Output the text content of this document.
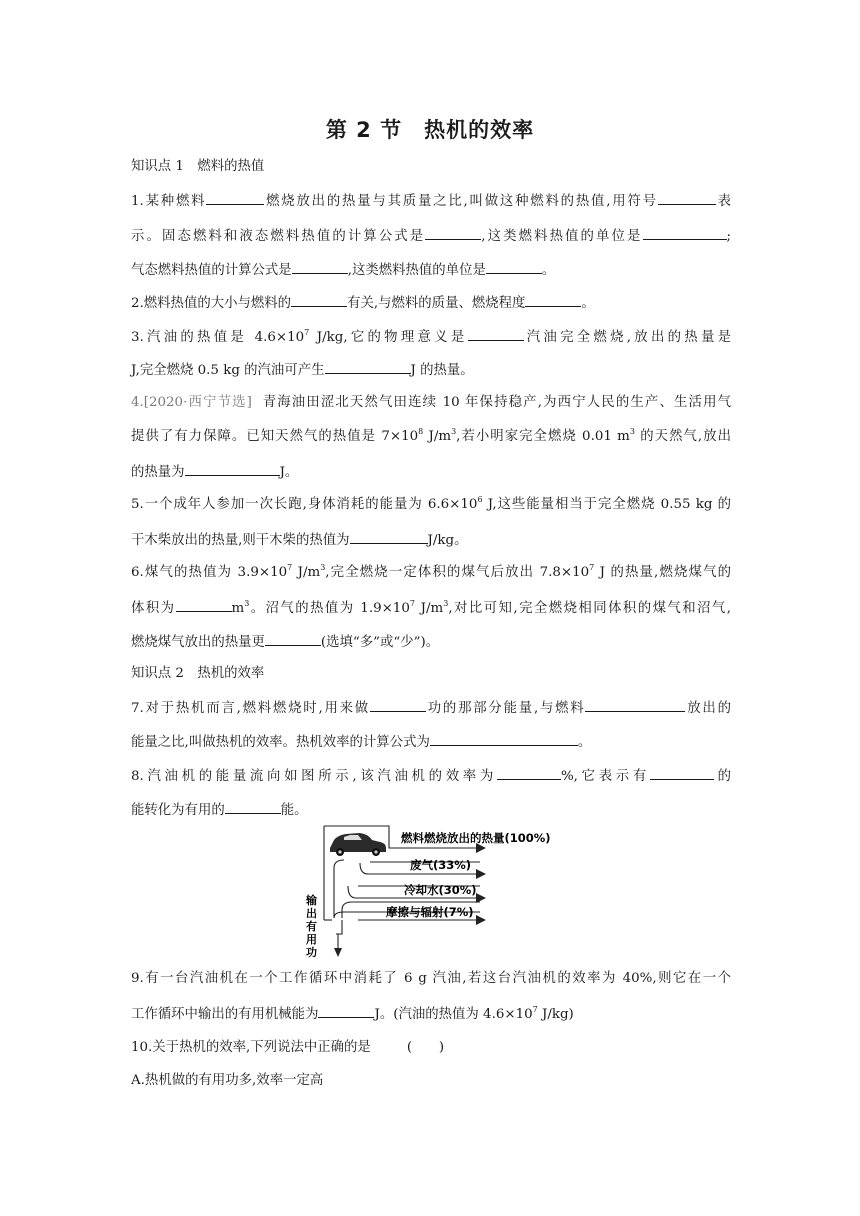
第 2 节　热机的效率
知识点 1　燃料的热值
1.某种燃料	燃烧放出的热量与其质量之比,叫做这种燃料的热值,用符号	表
示。固态燃料和液态燃料热值的计算公式是	,这类燃料热值的单位是	;
气态燃料热值的计算公式是	,这类燃料热值的单位是	。
2.燃料热值的大小与燃料的	有关,与燃料的质量、燃烧程度	。
3.汽油的热值是 $4.6\times 10^7$ J/kg,它的物理意义是	汽油完全燃烧,放出的热量是
J,完全燃烧 0.5 kg 的汽油可产生	J 的热量。
4.[2020·西宁节选] 青海油田涩北天然气田连续 10 年保持稳产,为西宁人民的生产、生活用气
提供了有力保障。已知天然气的热值是 $7\times 10^8$ $J/m^3$,若小明家完全燃烧 0.01 $m^3$ 的天然气,放出
的热量为	J。
5.一个成年人参加一次长跑,身体消耗的能量为 $6.6\times 10^6$ J,这些能量相当于完全燃烧 0.55 kg 的
干木柴放出的热量,则干木柴的热值为	J/kg。
6.煤气的热值为 $3.9\times 10^7$ $J/m^3$,完全燃烧一定体积的煤气后放出 $7.8\times 10^7$ J 的热量,燃烧煤气的
体积为	$m^3$。沼气的热值为 $1.9\times 10^7$ $J/m^3$,对比可知,完全燃烧相同体积的煤气和沼气,
燃烧煤气放出的热量更	(选填“多”或“少”)。
知识点 2　热机的效率
7.对于热机而言,燃料燃烧时,用来做	功的那部分能量,与燃料	放出的
能量之比,叫做热机的效率。热机效率的计算公式为	。
8.汽油机的能量流向如图所示,该汽油机的效率为	%,它表示有	的
能转化为有用的	能。
燃料燃烧放出的热量(100%)
废气(33%)
冷却水(30%)
摩擦与辐射(7%)
输
出
有
用
功
9.有一台汽油机在一个工作循环中消耗了 6 g 汽油,若这台汽油机的效率为 40%,则它在一个
工作循环中输出的有用机械能为	J。(汽油的热值为 $4.6\times 10^7$ J/kg)
10.关于热机的效率,下列说法中正确的是	(　　)
A.热机做的有用功多,效率一定高
